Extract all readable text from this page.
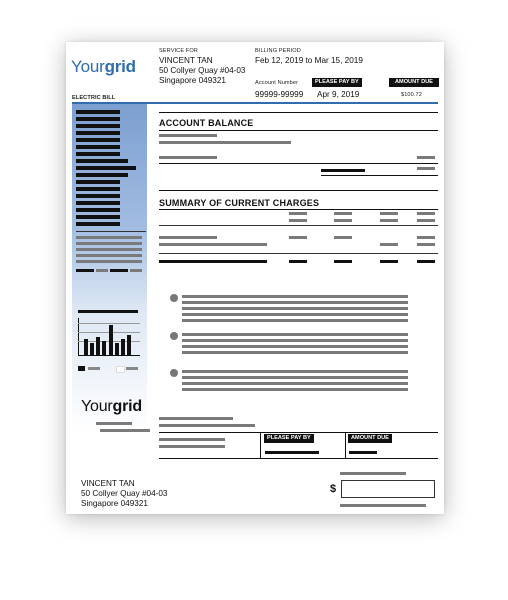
Yourgrid
ELECTRIC BILL
SERVICE FOR
VINCENT TAN
50 Collyer Quay #04-03
Singapore 049321
BILLING PERIOD
Feb 12, 2019 to Mar 15, 2019
Account Number
99999-99999
PLEASE PAY BY
Apr 9, 2019
AMOUNT DUE
$100.72
Yourgrid
ACCOUNT BALANCE
SUMMARY OF CURRENT CHARGES
PLEASE PAY BY	AMOUNT DUE
VINCENT TAN
50 Collyer Quay #04-03
Singapore 049321
$
